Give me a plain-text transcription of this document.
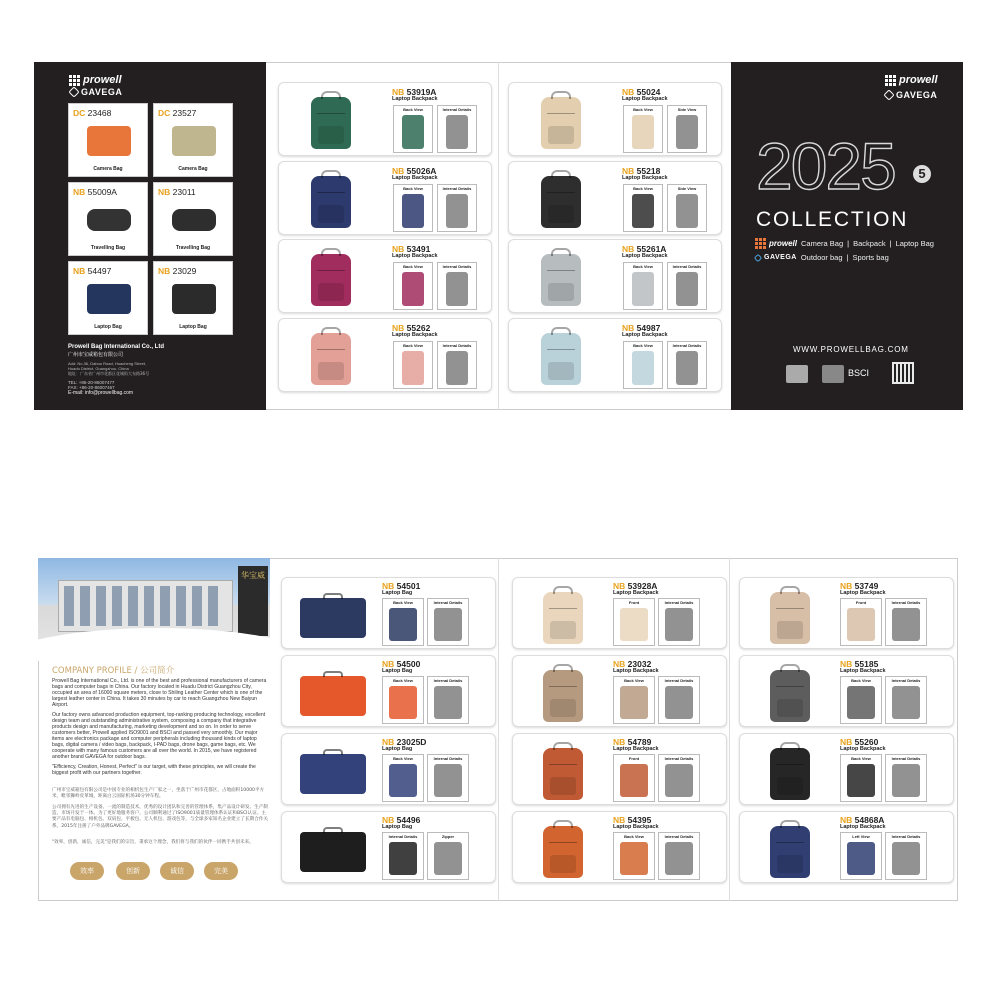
prowell
GAVEGA
DC 23468
Camera Bag
DC 23527
Camera Bag
NB 55009A
Travelling Bag
NB 23011
Travelling Bag
NB 54497
Laptop Bag
NB 23029
Laptop Bag
Prowell Bag International Co., Ltd
广州市宝威箱包有限公司
Add: No.36, Dabuo Road, Huacheng Street,
Huadu District, Guangzhou, China
地址：广东省广州市花都区花城街大布路36号
TEL: +86-20-86007477
FAX: +86-20-86007467
E-mail: info@prowellbag.com
NB 53919A
Laptop Backpack
Back View	Internal Details
NB 55026A
Laptop Backpack
Back View	Internal Details
NB 53491
Laptop Backpack
Back View	Internal Details
NB 55262
Laptop Backpack
Back View	Internal Details
NB 55024
Laptop Backpack
Back View	Side View
NB 55218
Laptop Backpack
Back View	Side View
NB 55261A
Laptop Backpack
Back View	Internal Details
NB 54987
Laptop Backpack
Back View	Internal Details
prowell
GAVEGA
2025	5
COLLECTION
prowell Camera Bag | Backpack | Laptop Bag
GAVEGA Outdoor bag | Sports bag
WWW.PROWELLBAG.COM
BSCI
华宝威
COMPANY PROFILE / 公司简介
Prowell Bag International Co., Ltd. is one of the best and professional manufacturers of camera bags and computer bags in China. Our factory located in Huadu District Guangzhou City, occupied an area of 16000 square meters, close to Shiling Leather Center which is one of the largest leather center in China. It takes 30 minutes by car to reach Guangzhou New Baiyun Airport.
Our factory owns advanced production equipment, top-ranking producing technology, excellent design team and outstanding administrative system, composing a company that integrative products design and manufacturing, marketing development and so on. In order to serve customers better, Prowell applied ISO9001 and BSCI and passed very smoothly. Our major items are electronics package and computer peripherals including thousand kinds of laptop bags, digital camera / video bags, backpack, I-PAD bags, drone bags, game bags, etc. We cooperate with many famous customers are all over the world. In 2015, we have registered another brand GAVEGA for outdoor bags.
"Efficiency, Creation, Honest, Perfect" is our target, with these principles, we will create the biggest profit with our partners together.
广州市宝威箱包有限公司是中国专业的相机包生产厂家之一，坐落于广州市花都区，占地面积10000平方米，毗邻狮岭皮革城，距离白云国际机场30分钟车程。
公司拥有先进的生产设备、一流的制造技术，优秀的设计团队和完善的管理体系，集产品设计研发、生产制造、市场开发于一体。为了更好地服务客户，公司顺利通过了ISO9001质量管理体系认证和BSCI认证。主要产品有电脑包、相机包、双肩包、平板包、无人机包、游戏包等，与全球多家知名企业建立了长期合作关系。2015年注册了户外品牌GAVEGA。
"效率，创新，诚信，完美"是我们的宗旨，秉承这个理念，我们将与我们的伙伴一同携手共创未来。
效率	创新	诚信	完美
NB 54501
Laptop Bag
Back View	Internal Details
NB 54500
Laptop Bag
Back View	Internal Details
NB 23025D
Laptop Bag
Back View	Internal Details
NB 54496
Laptop Bag
Internal Details	Zipper
NB 53928A
Laptop Backpack
Front	Internal Details
NB 23032
Laptop Backpack
Back View	Internal Details
NB 54789
Laptop Backpack
Front	Internal Details
NB 54395
Laptop Backpack
Back View	Internal Details
NB 53749
Laptop Backpack
Front	Internal Details
NB 55185
Laptop Backpack
Back View	Internal Details
NB 55260
Laptop Backpack
Back View	Internal Details
NB 54868A
Laptop Backpack
Left View	Internal Details
